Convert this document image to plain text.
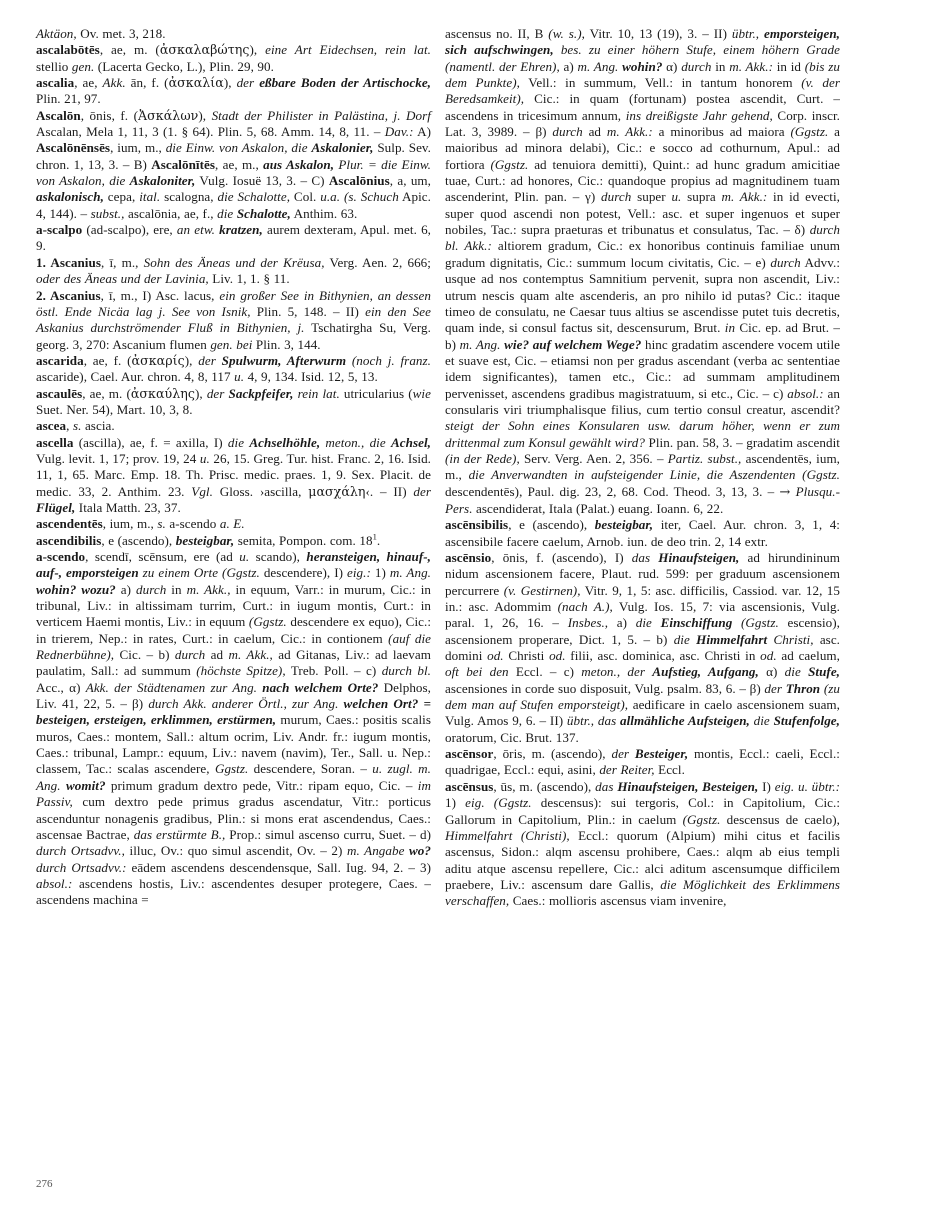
Aktäon, Ov. met. 3, 218.

ascalabōtēs, ae, m. (ἀσκαλαβώτης), eine Art Eidechsen, rein lat. stellio gen. (Lacerta Gecko, L.), Plin. 29, 90.

ascalia, ae, Akk. ān, f. (ἀσκαλία), der eßbare Boden der Artischocke, Plin. 21, 97.

Ascalōn, ōnis, f. (Ἀσκάλων), Stadt der Philister in Palästina, j. Dorf Ascalan, Mela 1, 11, 3 (1. § 64). Plin. 5, 68. Amm. 14, 8, 11. – Dav.: A) Ascalōnēnsēs, ium, m., die Einw. von Askalon, die Askalonier, Sulp. Sev. chron. 1, 13, 3. – B) Ascalōnītēs, ae, m., aus Askalon, Plur. = die Einw. von Askalon, die Askaloniter, Vulg. Iosuë 13, 3. – C) Ascalōnius, a, um, askalonisch, cepa, ital. scalogna, die Schalotte, Col. u.a. (s. Schuch Apic. 4, 144). – subst., ascalōnia, ae, f., die Schalotte, Anthim. 63.

a-scalpo (ad-scalpo), ere, an etw. kratzen, aurem dexteram, Apul. met. 6, 9.

1. Ascanius, ī, m., Sohn des Äneas und der Krëusa, Verg. Aen. 2, 666; oder des Äneas und der Lavinia, Liv. 1, 1. § 11.

2. Ascanius, ī, m., I) Asc. lacus, ein großer See in Bithynien, an dessen östl. Ende Nicäa lag j. See von Isnik, Plin. 5, 148. – II) ein den See Askanius durchströmender Fluß in Bithynien, j. Tschatirgha Su, Verg. georg. 3, 270: Ascanium flumen gen. bei Plin. 3, 144.

ascarida, ae, f. (ἀσκαρίς), der Spulwurm, Afterwurm (noch j. franz. ascaride), Cael. Aur. chron. 4, 8, 117 u. 4, 9, 134. Isid. 12, 5, 13.

ascaulēs, ae, m. (ἀσκαύλης), der Sackpfeifer, rein lat. utricularius (wie Suet. Ner. 54), Mart. 10, 3, 8.

ascea, s. ascia.

ascella (ascilla), ae, f. = axilla, I) die Achselhöhle, meton., die Achsel, Vulg. levit. 1, 17; prov. 19, 24 u. 26, 15. Greg. Tur. hist. Franc. 2, 16. Isid. 11, 1, 65. Marc. Emp. 18. Th. Prisc. medic. praes. 1, 9. Sex. Placit. de medic. 33, 2. Anthim. 23. Vgl. Gloss. ›ascilla, μασχάλη‹. – II) der Flügel, Itala Matth. 23, 37.

ascendentēs, ium, m., s. a-scendo a. E.

ascendibilis, e (ascendo), besteigbar, semita, Pompon. com. $18^1$.

a-scendo, scendī, scēnsum, ere (ad u. scando), heransteigen, hinauf-, auf-, emporsteigen zu einem Orte (Ggstz. descendere), I) eig.: 1) m. Ang. wohin? wozu? a) durch in m. Akk., in equum, Varr.: in murum, Cic.: in tribunal, Liv.: in altissimam turrim, Curt.: in iugum montis, Curt.: in verticem Haemi montis, Liv.: in equum (Ggstz. descendere ex equo), Cic.: in trierem, Nep.: in rates, Curt.: in caelum, Cic.: in contionem (auf die Rednerbühne), Cic. – b) durch ad m. Akk., ad Gitanas, Liv.: ad laevam paulatim, Sall.: ad summum (höchste Spitze), Treb. Poll. – c) durch bl. Acc., α) Akk. der Städtenamen zur Ang. nach welchem Orte? Delphos, Liv. 41, 22, 5. – β) durch Akk. anderer Örtl., zur Ang. welchen Ort? = besteigen, ersteigen, erklimmen, erstürmen, murum, Caes.: positis scalis muros, Caes.: montem, Sall.: altum ocrim, Liv. Andr. fr.: iugum montis, Caes.: tribunal, Lampr.: equum, Liv.: navem (navim), Ter., Sall. u. Nep.: classem, Tac.: scalas ascendere, Ggstz. descendere, Soran. – u. zugl. m. Ang. womit? primum gradum dextro pede, Vitr.: ripam equo, Cic. – im Passiv, cum dextro pede primus gradus ascendatur, Vitr.: porticus ascenduntur nonagenis gradibus, Plin.: si mons erat ascendendus, Caes.: ascensae Bactrae, das erstürmte B., Prop.: simul ascenso curru, Suet. – d) durch Ortsadvv., illuc, Ov.: quo simul ascendit, Ov. – 2) m. Angabe wo? durch Ortsadvv.: eādem ascendens descendensque, Sall. Iug. 94, 2. – 3) absol.: ascendens hostis, Liv.: ascendentes desuper protegere, Caes. – ascendens machina =

ascensus no. II, B (w. s.), Vitr. 10, 13 (19), 3. – II) übtr., emporsteigen, sich aufschwingen, bes. zu einer höhern Stufe, einem höhern Grade (namentl. der Ehren), a) m. Ang. wohin? α) durch in m. Akk.: in id (bis zu dem Punkte), Vell.: in summum, Vell.: in tantum honorem (v. der Beredsamkeit), Cic.: in quam (fortunam) postea ascendit, Curt. – ascendens in tricesimum annum, ins dreißigste Jahr gehend, Corp. inscr. Lat. 3, 3989. – β) durch ad m. Akk.: a minoribus ad maiora (Ggstz. a maioribus ad minora delabi), Cic.: e socco ad cothurnum, Apul.: ad fortiora (Ggstz. ad tenuiora demitti), Quint.: ad hunc gradum amicitiae tuae, Curt.: ad honores, Cic.: quandoque propius ad magnitudinem tuam ascenderint, Plin. pan. – γ) durch super u. supra m. Akk.: in id evecti, super quod ascendi non potest, Vell.: asc. et super ingenuos et super nobiles, Tac.: supra praeturas et tribunatus et consulatus, Tac. – δ) durch bl. Akk.: altiorem gradum, Cic.: ex honoribus continuis familiae unum gradum dignitatis, Cic.: summum locum civitatis, Cic. – e) durch Advv.: usque ad nos contemptus Samnitium pervenit, supra non ascendit, Liv.: utrum nescis quam alte ascenderis, an pro nihilo id putas? Cic.: itaque timeo de consulatu, ne Caesar tuus altius se ascendisse putet tuis decretis, quam inde, si consul factus sit, descensurum, Brut. in Cic. ep. ad Brut. – b) m. Ang. wie? auf welchem Wege? hinc gradatim ascendere vocem utile et suave est, Cic. – etiamsi non per gradus ascendant (verba ac sententiae idem significantes), tamen etc., Cic.: ad summam amplitudinem pervenisset, ascendens gradibus magistratuum, si etc., Cic. – c) absol.: an consularis viri triumphalisque filius, cum tertio consul creatur, ascendit? steigt der Sohn eines Konsularen usw. darum höher, wenn er zum drittenmal zum Konsul gewählt wird? Plin. pan. 58, 3. – gradatim ascendit (in der Rede), Serv. Verg. Aen. 2, 356. – Partiz. subst., ascendentēs, ium, m., die Anverwandten in aufsteigender Linie, die Aszendenten (Ggstz. descendentēs), Paul. dig. 23, 2, 68. Cod. Theod. 3, 13, 3. – → Plusqu.-Pers. ascendiderat, Itala (Palat.) euang. Ioann. 6, 22.

ascēnsibilis, e (ascendo), besteigbar, iter, Cael. Aur. chron. 3, 1, 4: ascensibile facere caelum, Arnob. iun. de deo trin. 2, 14 extr.

ascēnsio, ōnis, f. (ascendo), I) das Hinaufsteigen, ad hirundininum nidum ascensionem facere, Plaut. rud. 599: per graduum ascensionem percurrere (v. Gestirnen), Vitr. 9, 1, 5: asc. difficilis, Cassiod. var. 12, 15 in.: asc. Adommim (nach A.), Vulg. Ios. 15, 7: via ascensionis, Vulg. paral. 1, 26, 16. – Insbes., a) die Einschiffung (Ggstz. escensio), ascensionem properare, Dict. 1, 5. – b) die Himmelfahrt Christi, asc. domini od. Christi od. filii, asc. dominica, asc. Christi in od. ad caelum, oft bei den Eccl. – c) meton., der Aufstieg, Aufgang, α) die Stufe, ascensiones in corde suo disposuit, Vulg. psalm. 83, 6. – β) der Thron (zu dem man auf Stufen emporsteigt), aedificare in caelo ascensionem suam, Vulg. Amos 9, 6. – II) übtr., das allmähliche Aufsteigen, die Stufenfolge, oratorum, Cic. Brut. 137.

ascēnsor, ōris, m. (ascendo), der Besteiger, montis, Eccl.: caeli, Eccl.: quadrigae, Eccl.: equi, asini, der Reiter, Eccl.

ascēnsus, ūs, m. (ascendo), das Hinaufsteigen, Besteigen, I) eig. u. übtr.: 1) eig. (Ggstz. descensus): sui tergoris, Col.: in Capitolium, Cic.: Gallorum in Capitolium, Plin.: in caelum (Ggstz. descensus de caelo), Himmelfahrt (Christi), Eccl.: quorum (Alpium) mihi citus et facilis ascensus, Sidon.: alqm ascensu prohibere, Caes.: alqm ab eius templi aditu atque ascensu repellere, Cic.: alci aditum ascensumque difficilem praebere, Liv.: ascensum dare Gallis, die Möglichkeit des Erklimmens verschaffen, Caes.: mollioris ascensus viam invenire,

276
